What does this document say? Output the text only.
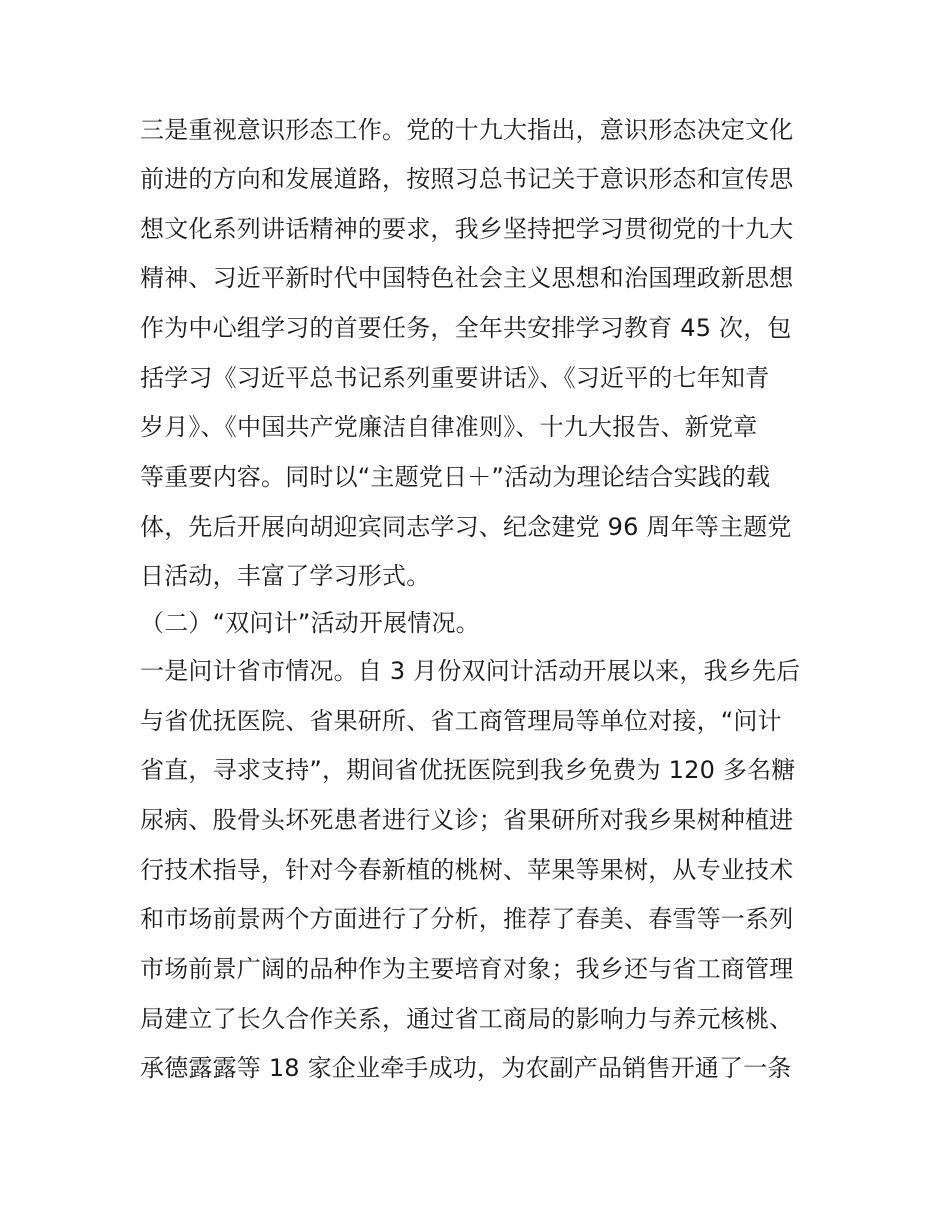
三是重视意识形态工作。党的十九大指出，意识形态决定文化
前进的方向和发展道路，按照习总书记关于意识形态和宣传思
想文化系列讲话精神的要求，我乡坚持把学习贯彻党的十九大
精神、习近平新时代中国特色社会主义思想和治国理政新思想
作为中心组学习的首要任务，全年共安排学习教育 45 次，包
括学习《习近平总书记系列重要讲话》、《习近平的七年知青
岁月》、《中国共产党廉洁自律准则》、十九大报告、新党章
等重要内容。同时以“主题党日＋”活动为理论结合实践的载
体，先后开展向胡迎宾同志学习、纪念建党 96 周年等主题党
日活动，丰富了学习形式。
（二）“双问计”活动开展情况。
一是问计省市情况。自 3 月份双问计活动开展以来，我乡先后
与省优抚医院、省果研所、省工商管理局等单位对接，“问计
省直，寻求支持”，期间省优抚医院到我乡免费为 120 多名糖
尿病、股骨头坏死患者进行义诊；省果研所对我乡果树种植进
行技术指导，针对今春新植的桃树、苹果等果树，从专业技术
和市场前景两个方面进行了分析，推荐了春美、春雪等一系列
市场前景广阔的品种作为主要培育对象；我乡还与省工商管理
局建立了长久合作关系，通过省工商局的影响力与养元核桃、
承德露露等 18 家企业牵手成功，为农副产品销售开通了一条
